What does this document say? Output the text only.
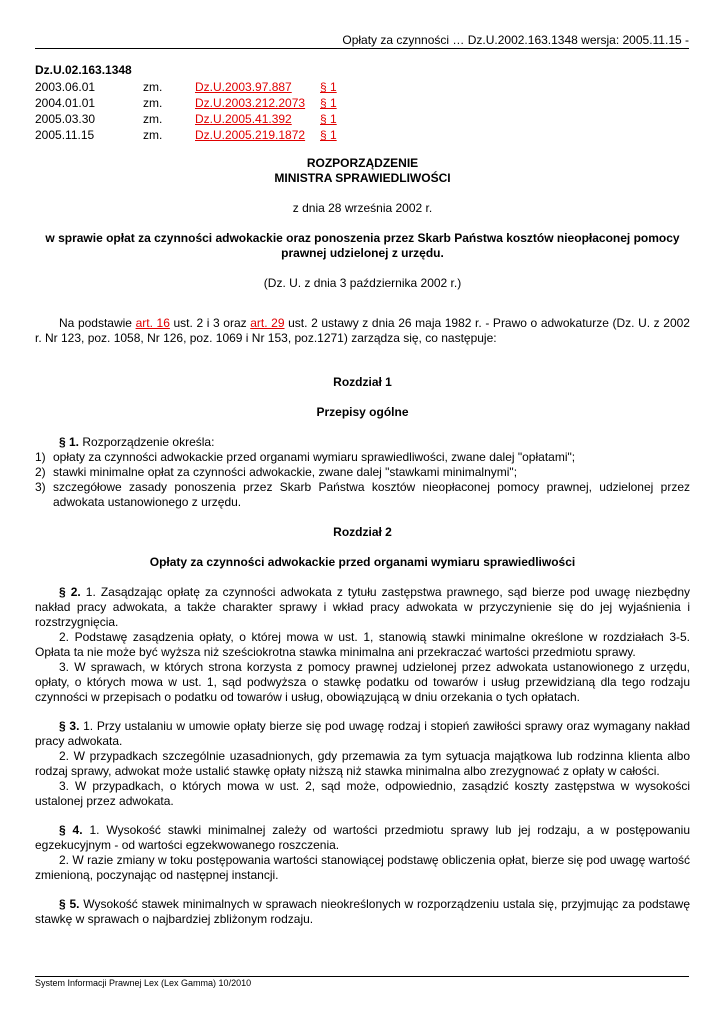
Opłaty za czynności … Dz.U.2002.163.1348 wersja: 2005.11.15 -
Dz.U.02.163.1348
2003.06.01	zm.	Dz.U.2003.97.887	§ 1
2004.01.01	zm.	Dz.U.2003.212.2073	§ 1
2005.03.30	zm.	Dz.U.2005.41.392	§ 1
2005.11.15	zm.	Dz.U.2005.219.1872	§ 1
ROZPORZĄDZENIE
MINISTRA SPRAWIEDLIWOŚCI
z dnia 28 września 2002 r.
w sprawie opłat za czynności adwokackie oraz ponoszenia przez Skarb Państwa kosztów nieopłaconej pomocy prawnej udzielonej z urzędu.
(Dz. U. z dnia 3 października 2002 r.)
Na podstawie art. 16 ust. 2 i 3 oraz art. 29 ust. 2 ustawy z dnia 26 maja 1982 r. - Prawo o adwokaturze (Dz. U. z 2002 r. Nr 123, poz. 1058, Nr 126, poz. 1069 i Nr 153, poz.1271) zarządza się, co następuje:
Rozdział 1
Przepisy ogólne
§ 1. Rozporządzenie określa:
1) opłaty za czynności adwokackie przed organami wymiaru sprawiedliwości, zwane dalej "opłatami";
2) stawki minimalne opłat za czynności adwokackie, zwane dalej "stawkami minimalnymi";
3) szczegółowe zasady ponoszenia przez Skarb Państwa kosztów nieopłaconej pomocy prawnej, udzielonej przez adwokata ustanowionego z urzędu.
Rozdział 2
Opłaty za czynności adwokackie przed organami wymiaru sprawiedliwości
§ 2. 1. Zasądzając opłatę za czynności adwokata z tytułu zastępstwa prawnego, sąd bierze pod uwagę niezbędny nakład pracy adwokata, a także charakter sprawy i wkład pracy adwokata w przyczynienie się do jej wyjaśnienia i rozstrzygnięcia.
2. Podstawę zasądzenia opłaty, o której mowa w ust. 1, stanowią stawki minimalne określone w rozdziałach 3-5. Opłata ta nie może być wyższa niż sześciokrotna stawka minimalna ani przekraczać wartości przedmiotu sprawy.
3. W sprawach, w których strona korzysta z pomocy prawnej udzielonej przez adwokata ustanowionego z urzędu, opłaty, o których mowa w ust. 1, sąd podwyższa o stawkę podatku od towarów i usług przewidzianą dla tego rodzaju czynności w przepisach o podatku od towarów i usług, obowiązującą w dniu orzekania o tych opłatach.
§ 3. 1. Przy ustalaniu w umowie opłaty bierze się pod uwagę rodzaj i stopień zawiłości sprawy oraz wymagany nakład pracy adwokata.
2. W przypadkach szczególnie uzasadnionych, gdy przemawia za tym sytuacja majątkowa lub rodzinna klienta albo rodzaj sprawy, adwokat może ustalić stawkę opłaty niższą niż stawka minimalna albo zrezygnować z opłaty w całości.
3. W przypadkach, o których mowa w ust. 2, sąd może, odpowiednio, zasądzić koszty zastępstwa w wysokości ustalonej przez adwokata.
§ 4. 1. Wysokość stawki minimalnej zależy od wartości przedmiotu sprawy lub jej rodzaju, a w postępowaniu egzekucyjnym - od wartości egzekwowanego roszczenia.
2. W razie zmiany w toku postępowania wartości stanowiącej podstawę obliczenia opłat, bierze się pod uwagę wartość zmienioną, poczynając od następnej instancji.
§ 5. Wysokość stawek minimalnych w sprawach nieokreślonych w rozporządzeniu ustala się, przyjmując za podstawę stawkę w sprawach o najbardziej zbliżonym rodzaju.
System Informacji Prawnej Lex (Lex Gamma) 10/2010
